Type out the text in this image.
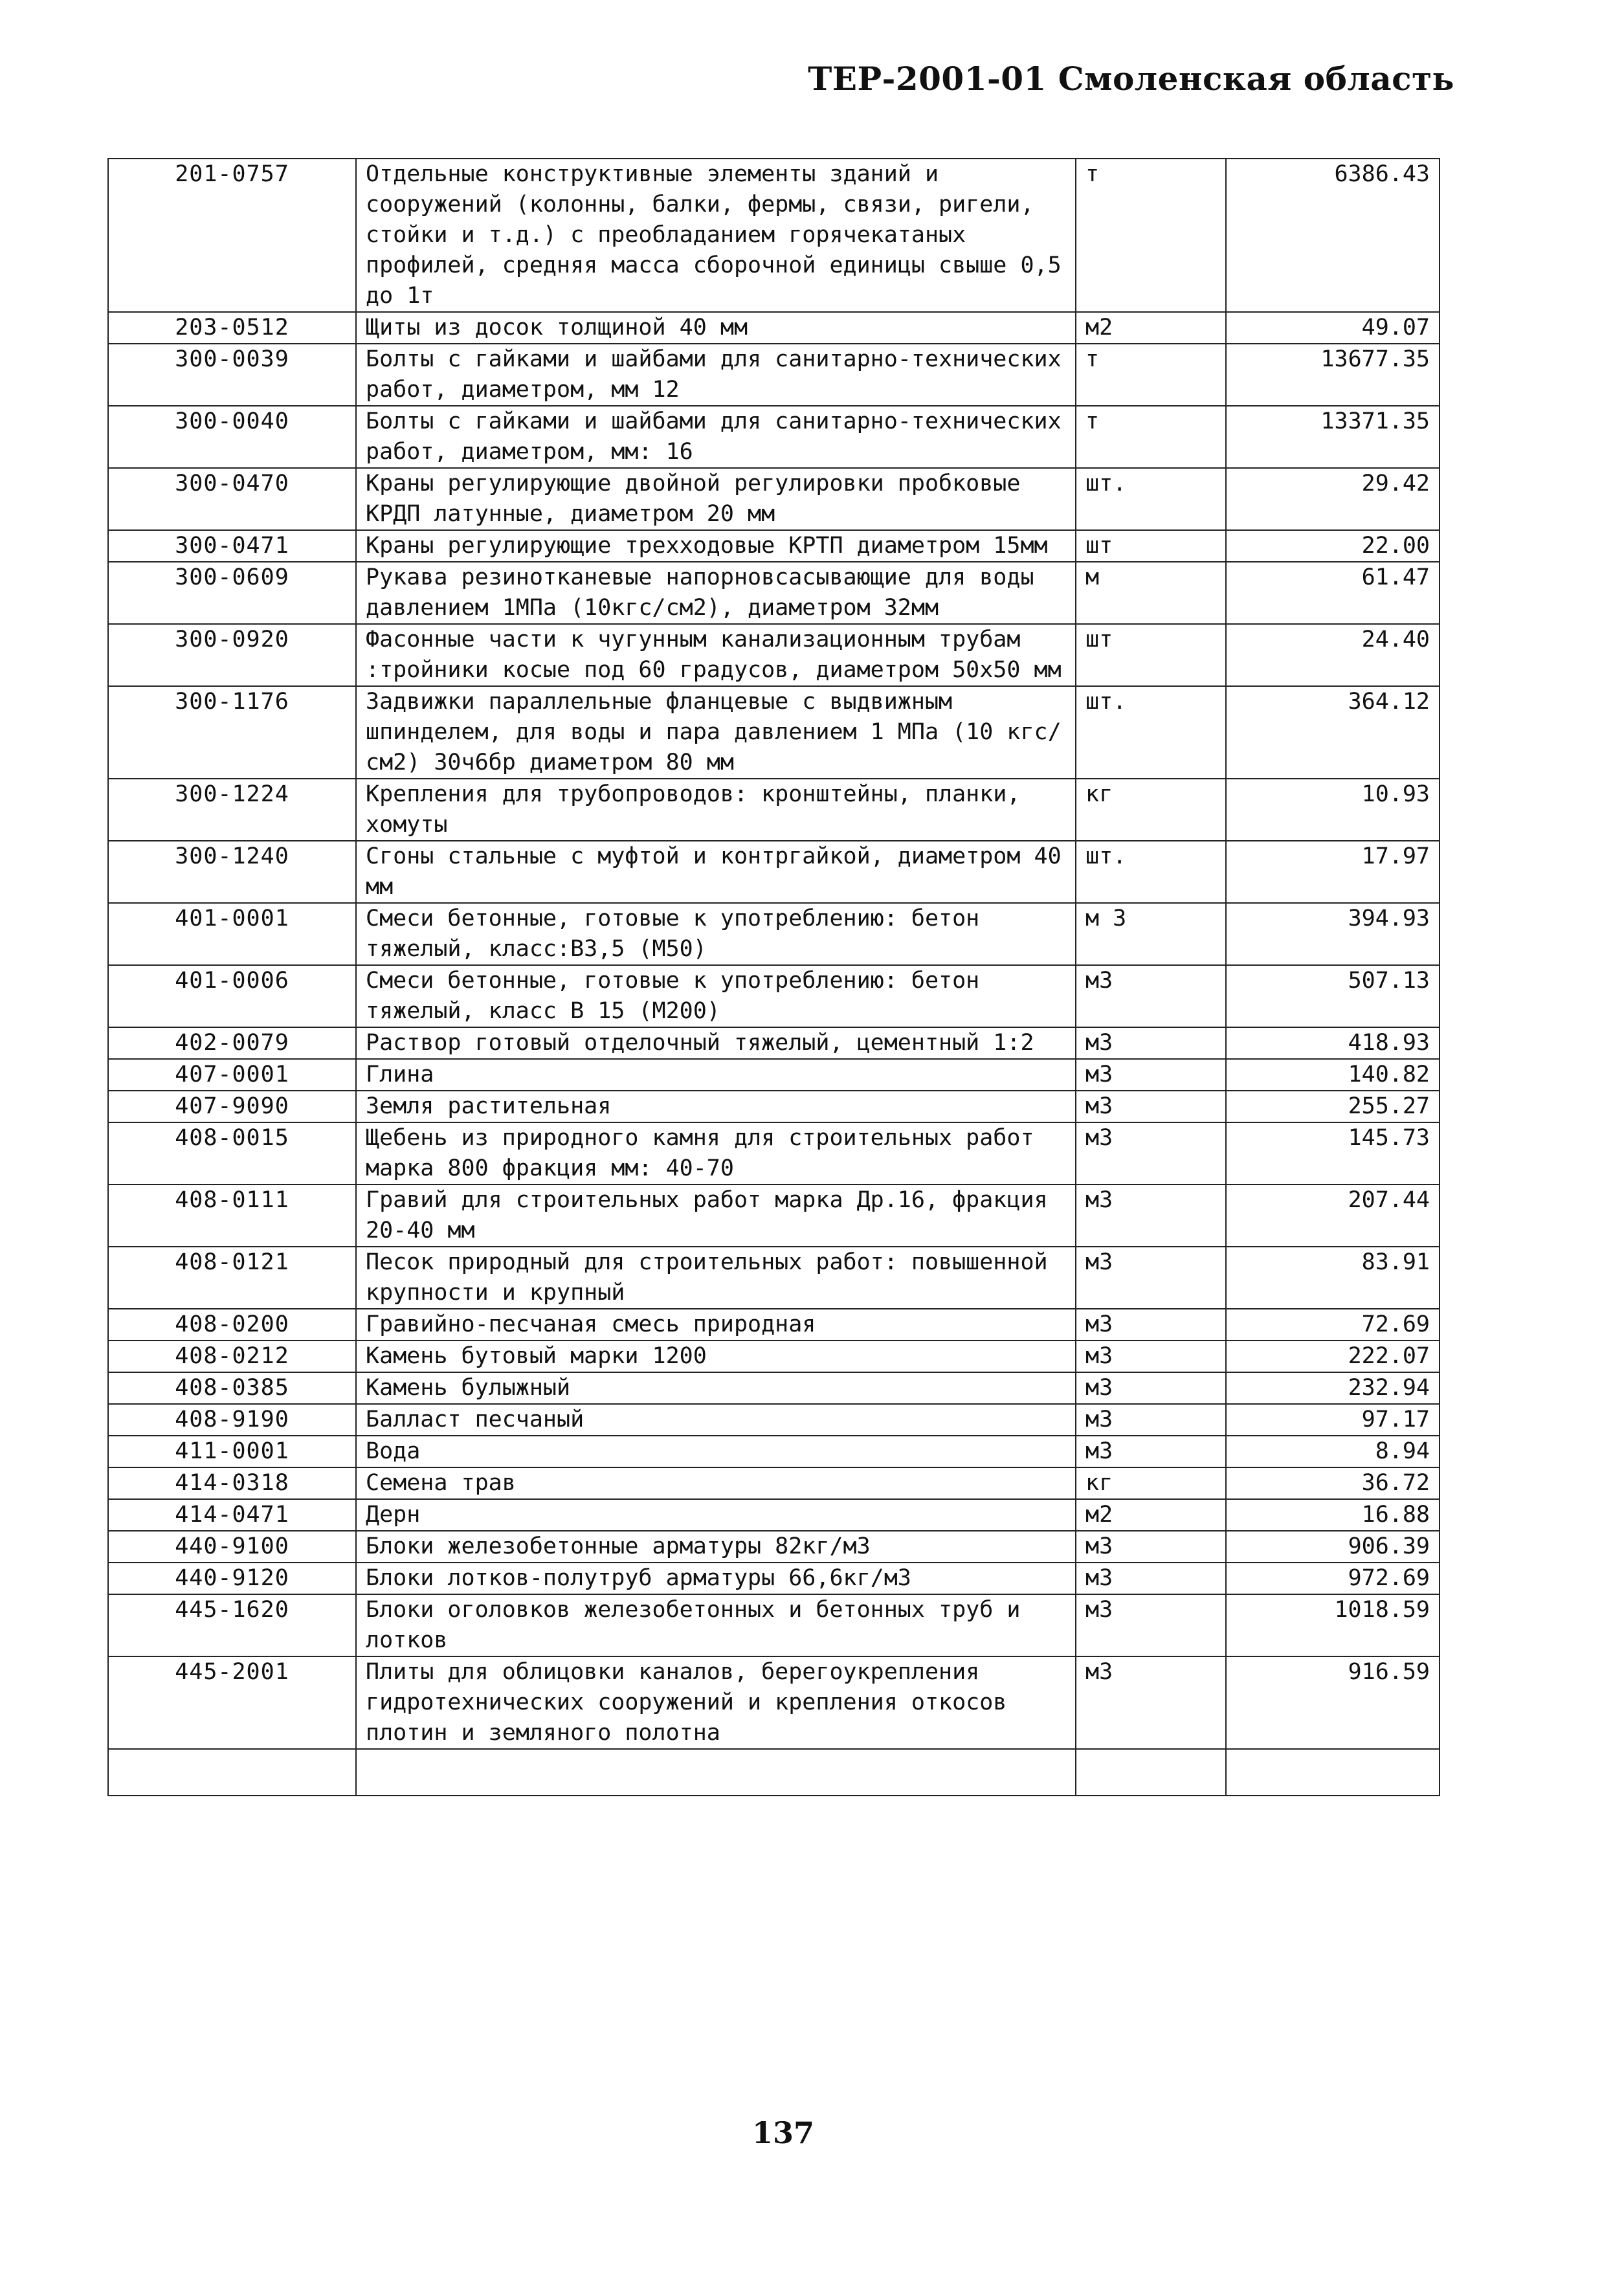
ТЕР-2001-01 Смоленская область
201-0757	Отдельные конструктивные элементы зданий и сооружений (колонны, балки, фермы, связи, ригели, стойки и т.д.) с преобладанием горячекатаных профилей, средняя масса сборочной единицы свыше 0,5 до 1т	т	6386.43
203-0512	Щиты из досок толщиной 40 мм	м2	49.07
300-0039	Болты с гайками и шайбами для санитарно-технических работ, диаметром, мм 12	т	13677.35
300-0040	Болты с гайками и шайбами для санитарно-технических работ, диаметром, мм: 16	т	13371.35
300-0470	Краны регулирующие двойной регулировки пробковые КРДП латунные, диаметром 20 мм	шт.	29.42
300-0471	Краны регулирующие трехходовые КРТП диаметром 15мм	шт	22.00
300-0609	Рукава резинотканевые напорновсасывающие для воды давлением 1МПа (10кгс/см2), диаметром 32мм	м	61.47
300-0920	Фасонные части к чугунным канализационным трубам :тройники косые под 60 градусов, диаметром 50х50 мм	шт	24.40
300-1176	Задвижки параллельные фланцевые с выдвижным шпинделем, для воды и пара давлением 1 МПа (10 кгс/см2) 30ч6бр диаметром 80 мм	шт.	364.12
300-1224	Крепления для трубопроводов: кронштейны, планки, хомуты	кг	10.93
300-1240	Сгоны стальные с муфтой и контргайкой, диаметром 40 мм	шт.	17.97
401-0001	Смеси бетонные, готовые к употреблению: бетон тяжелый, класс:В3,5 (М50)	м 3	394.93
401-0006	Смеси бетонные, готовые к употреблению: бетон тяжелый, класс В 15 (М200)	м3	507.13
402-0079	Раствор готовый отделочный тяжелый, цементный 1:2	м3	418.93
407-0001	Глина	м3	140.82
407-9090	Земля растительная	м3	255.27
408-0015	Щебень из природного камня для строительных работ марка 800 фракция мм: 40-70	м3	145.73
408-0111	Гравий для строительных работ марка Др.16, фракция 20-40 мм	м3	207.44
408-0121	Песок природный для строительных работ: повышенной крупности и крупный	м3	83.91
408-0200	Гравийно-песчаная смесь природная	м3	72.69
408-0212	Камень бутовый марки 1200	м3	222.07
408-0385	Камень булыжный	м3	232.94
408-9190	Балласт песчаный	м3	97.17
411-0001	Вода	м3	8.94
414-0318	Семена трав	кг	36.72
414-0471	Дерн	м2	16.88
440-9100	Блоки железобетонные арматуры 82кг/м3	м3	906.39
440-9120	Блоки лотков-полутруб арматуры 66,6кг/м3	м3	972.69
445-1620	Блоки оголовков железобетонных и бетонных труб и лотков	м3	1018.59
445-2001	Плиты для облицовки каналов, берегоукрепления гидротехнических сооружений и крепления откосов плотин и земляного полотна	м3	916.59

137
